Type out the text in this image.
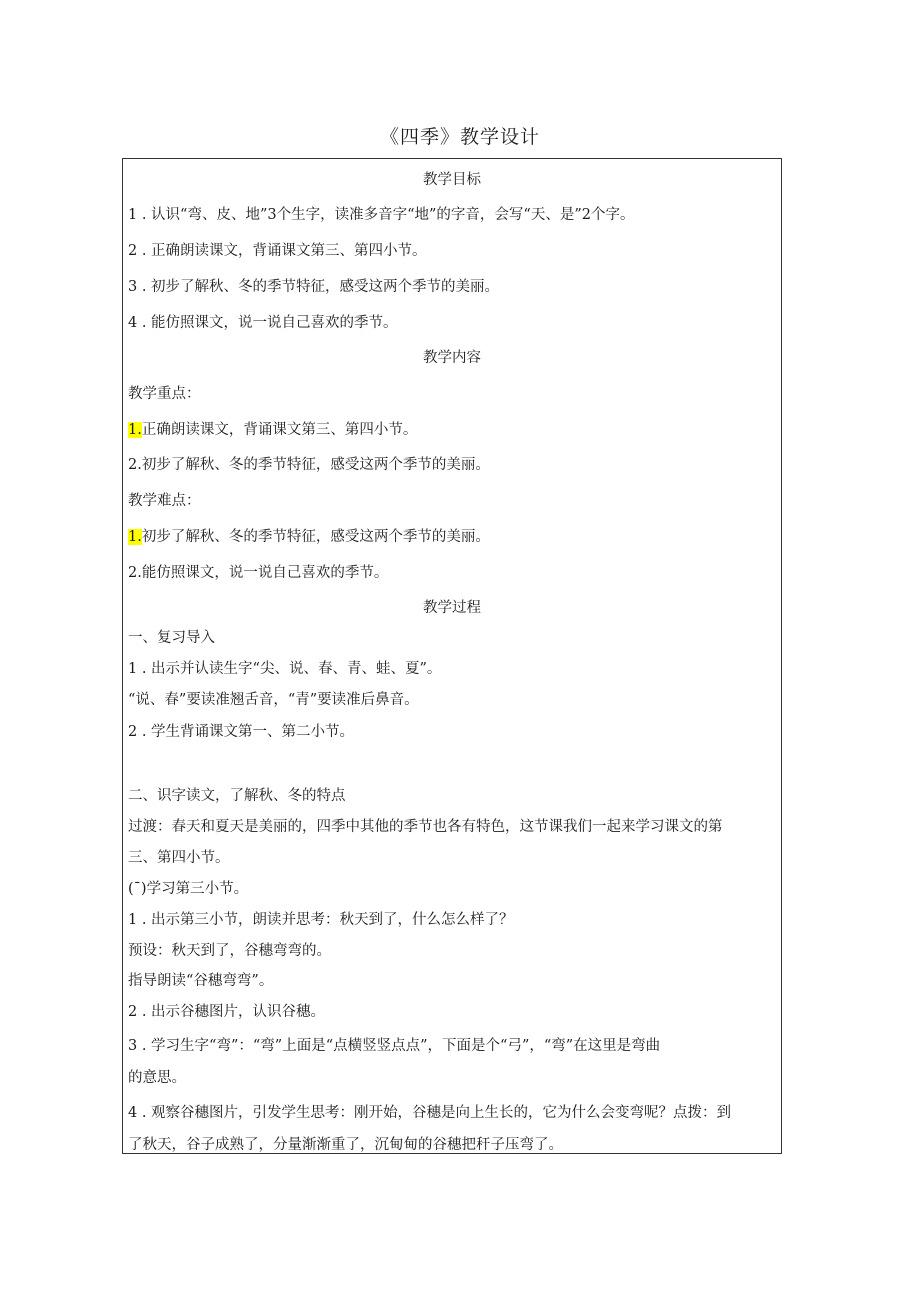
《四季》教学设计
教学目标
1 . 认识“弯、皮、地”3个生字，读准多音字“地”的字音，会写“天、是”2个字。
2 . 正确朗读课文，背诵课文第三、第四小节。
3 . 初步了解秋、冬的季节特征，感受这两个季节的美丽。
4 . 能仿照课文，说一说自己喜欢的季节。
教学内容
教学重点：
1.正确朗读课文，背诵课文第三、第四小节。
2.初步了解秋、冬的季节特征，感受这两个季节的美丽。
教学难点：
1.初步了解秋、冬的季节特征，感受这两个季节的美丽。
2.能仿照课文，说一说自己喜欢的季节。
教学过程
一、复习导入
1 . 出示并认读生字“尖、说、春、青、蛙、夏”。
“说、春”要读准翘舌音，“青”要读准后鼻音。
2 . 学生背诵课文第一、第二小节。
二、识字读文，了解秋、冬的特点
过渡：春天和夏天是美丽的，四季中其他的季节也各有特色，这节课我们一起来学习课文的第
三、第四小节。
(¯)学习第三小节。
1 . 出示第三小节，朗读并思考：秋天到了，什么怎么样了？
预设：秋天到了，谷穗弯弯的。
指导朗读“谷穗弯弯”。
2 . 出示谷穗图片，认识谷穗。
3 . 学习生字“弯”：“弯”上面是“点横竖竖点点”，下面是个“弓”，“弯”在这里是弯曲
的意思。
4 . 观察谷穗图片，引发学生思考：刚开始，谷穗是向上生长的，它为什么会变弯呢？点拨：到
了秋天，谷子成熟了，分量渐渐重了，沉甸甸的谷穗把秆子压弯了。
